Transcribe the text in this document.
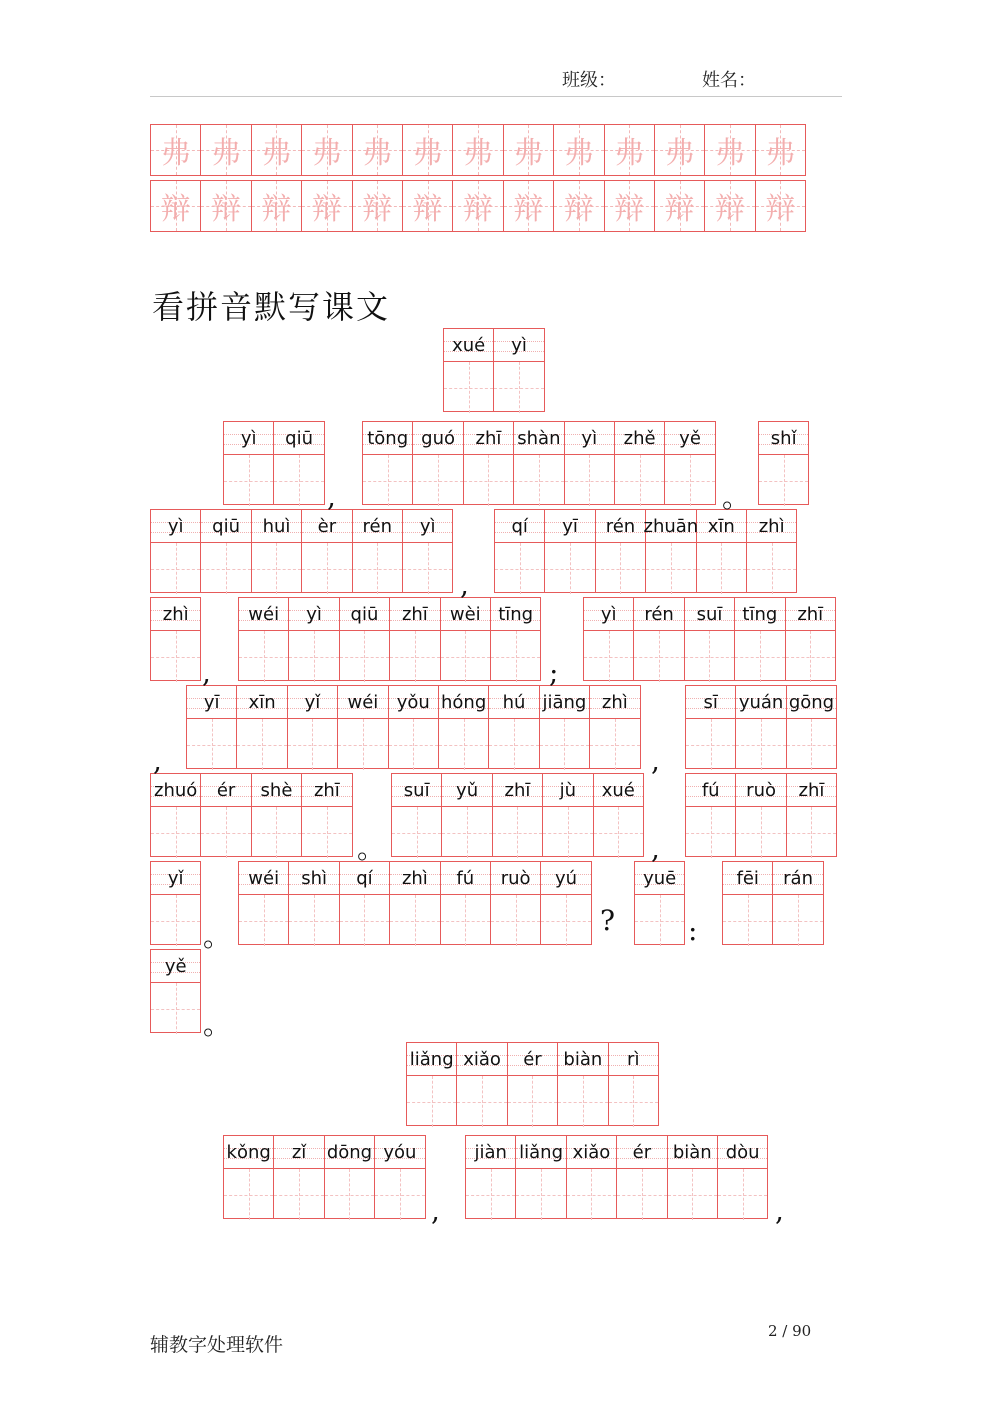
班级：	姓名：
弗 弗 弗 弗 弗 弗 弗 弗 弗 弗 弗 弗 弗
辩 辩 辩 辩 辩 辩 辩 辩 辩 辩 辩 辩 辩
看拼音默写课文
xué yì
yì qiū	tōng guó zhī shàn yì zhě yě	shǐ
yì qiū huì èr rén yì	qí yī rén zhuān xīn zhì
zhì	wéi yì qiū zhī wèi tīng	yì rén suī tīng zhī
yī xīn yǐ wéi yǒu hóng hú jiāng zhì	sī yuán gōng
zhuó ér shè zhī	suī yǔ zhī jù xué	fú ruò zhī
yǐ	wéi shì qí zhì fú ruò yú	yuē	fēi rán
yě
liǎng xiǎo ér biàn rì
kǒng zǐ dōng yóu	jiàn liǎng xiǎo ér biàn dòu
,	。
,
,	;
,	,
。	,
。	?	:
。
,	,
辅教字处理软件
2 / 90
